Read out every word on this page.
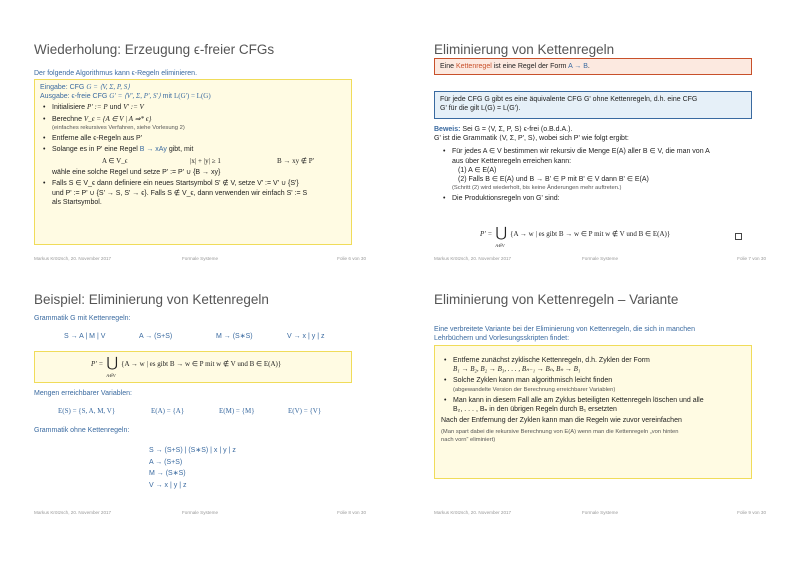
Wiederholung: Erzeugung ϵ-freier CFGs
Der folgende Algorithmus kann ϵ-Regeln eliminieren.
Eingabe: CFG G = ⟨V, Σ, P, S⟩
Ausgabe: ϵ-freie CFG G' = ⟨V', Σ, P', S'⟩ mit L(G') = L(G)
• Initialisiere P' := P und V' := V
• Berechne V_ϵ = {A ∈ V | A ⇒* ϵ}
(einfaches rekursives Verfahren, siehe Vorlesung 2)
• Entferne alle ϵ-Regeln aus P'
• Solange es in P' eine Regel B → xAy gibt, mit
A ∈ V_ϵ	|x| + |y| ≥ 1	B → xy ∉ P'
wähle eine solche Regel und setze P' := P' ∪ {B → xy}
• Falls S ∈ V_ϵ dann definiere ein neues Startsymbol S' ∉ V, setze V' := V' ∪ {S'}
und P' := P' ∪ {S' → S, S' → ϵ}. Falls S ∉ V_ϵ, dann verwenden wir einfach S' := S
als Startsymbol.
Markus Krötzsch, 20. November 2017	Formale Systeme	Folie 6 von 30
Eliminierung von Kettenregeln
Eine Kettenregel ist eine Regel der Form A → B.
Für jede CFG G gibt es eine äquivalente CFG G' ohne Kettenregeln, d.h. eine CFG
G' für die gilt L(G) = L(G').
Beweis: Sei G = ⟨V, Σ, P, S⟩ ϵ-frei (o.B.d.A.).
G' ist die Grammatik ⟨V, Σ, P', S⟩, wobei sich P' wie folgt ergibt:
• Für jedes A ∈ V bestimmen wir rekursiv die Menge E(A) aller B ∈ V, die man von A
aus über Kettenregeln erreichen kann:
(1) A ∈ E(A)
(2) Falls B ∈ E(A) und B → B' ∈ P mit B' ∈ V dann B' ∈ E(A)
(Schritt (2) wird wiederholt, bis keine Änderungen mehr auftreten.)
• Die Produktionsregeln von G' sind:
P' = ⋃
A∈V
{A → w | es gibt B → w ∈ P mit w ∉ V und B ∈ E(A)}
Markus Krötzsch, 20. November 2017	Formale Systeme	Folie 7 von 30
Beispiel: Eliminierung von Kettenregeln
Grammatik G mit Kettenregeln:
S → A | M | V	A → (S+S)	M → (S∗S)	V → x | y | z
P' = ⋃
A∈V
{A → w | es gibt B → w ∈ P mit w ∉ V und B ∈ E(A)}
Mengen erreichbarer Variablen:
E(S) = {S, A, M, V}	E(A) = {A}	E(M) = {M}	E(V) = {V}
Grammatik ohne Kettenregeln:
S → (S+S) | (S∗S) | x | y | z
A → (S+S)
M → (S∗S)
V → x | y | z
Markus Krötzsch, 20. November 2017	Formale Systeme	Folie 8 von 30
Eliminierung von Kettenregeln – Variante
Eine verbreitete Variante bei der Eliminierung von Kettenregeln, die sich in manchen
Lehrbüchern und Vorlesungsskripten findet:
• Entferne zunächst zyklische Kettenregeln, d.h. Zyklen der Form
B₁ → B₂, B₂ → B₃, . . . , Bₙ₋₁ → Bₙ, Bₙ → B₁
• Solche Zyklen kann man algorithmisch leicht finden
(abgewandelte Version der Berechnung erreichbarer Variablen)
• Man kann in diesem Fall alle am Zyklus beteiligten Kettenregeln löschen und alle
B₂, . . . , Bₙ in den übrigen Regeln durch B₁ ersetzten
Nach der Entfernung der Zyklen kann man die Regeln wie zuvor vereinfachen
(Man spart dabei die rekursive Berechnung von E(A) wenn man die Kettenregeln „von hinten
nach vorn“ eliminiert)
Markus Krötzsch, 20. November 2017	Formale Systeme	Folie 9 von 30
